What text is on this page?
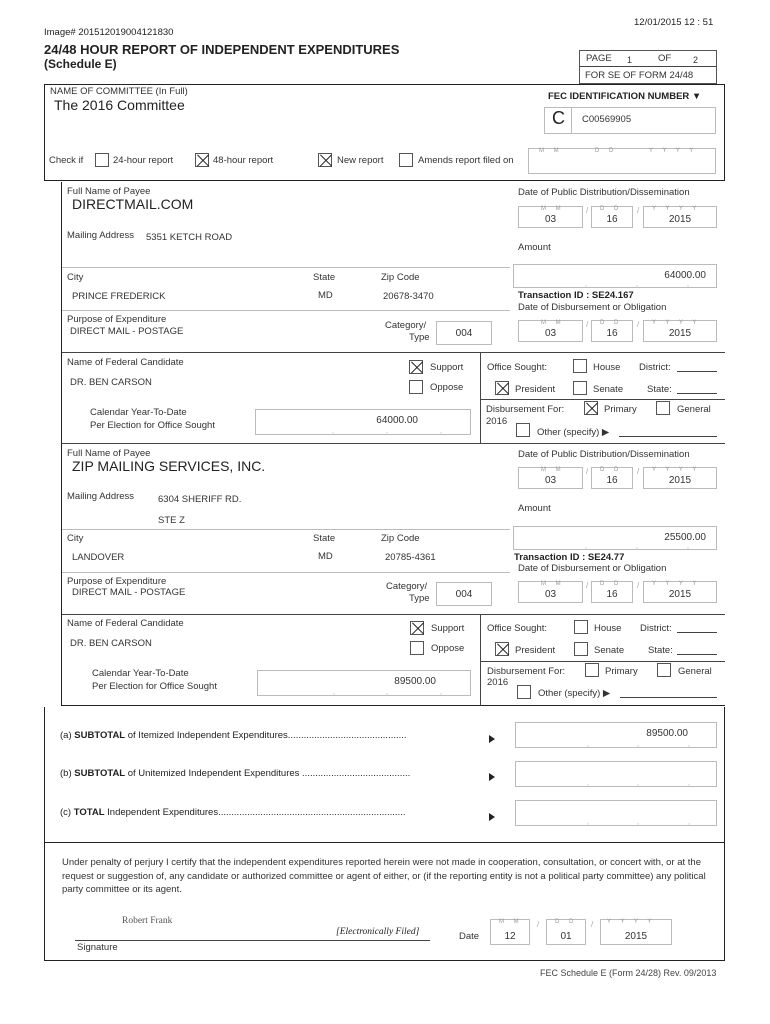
12/01/2015 12 : 51
Image# 201512019004121830
24/48 HOUR REPORT OF INDEPENDENT EXPENDITURES
(Schedule E)	PAGE 1	OF 2
FOR SE OF FORM 24/48
NAME OF COMMITTEE (In Full)
The 2016 Committee
FEC IDENTIFICATION NUMBER ▼
C C00569905
Check if	24-hour report	48-hour report	New report	Amends report filed on
M M	D D	Y Y Y Y
Full Name of Payee
DIRECTMAIL.COM
Mailing Address 5351 KETCH ROAD
City	State	Zip Code
PRINCE FREDERICK	MD	20678-3470
Purpose of Expenditure
DIRECT MAIL - POSTAGE
Category/
Type	004
Date of Public Distribution/Dissemination
M M
03
/ D D
16
/ Y Y Y Y
2015
Amount
64000.00
,	,	,
Transaction ID : SE24.167
Date of Disbursement or Obligation
M M
03
/ D D
16
/ Y Y Y Y
2015
Name of Federal Candidate
DR. BEN CARSON
Support
Oppose
Office Sought:	House District:
President	Senate	State:
Calendar Year-To-Date
Per Election for Office Sought	64000.00
,	,	,
Disbursement For:
2016
Primary	General
Other (specify) ▶
Full Name of Payee
ZIP MAILING SERVICES, INC.
Mailing Address	6304 SHERIFF RD.
STE Z
City	State	Zip Code
LANDOVER	MD	20785-4361
Purpose of Expenditure
DIRECT MAIL - POSTAGE
Category/
Type	004
Date of Public Distribution/Dissemination
M M
03
/ D D
16
/ Y Y Y Y
2015
Amount
25500.00
,	,	,
Transaction ID : SE24.77
Date of Disbursement or Obligation
M M
03
/ D D
16
/ Y Y Y Y
2015
Name of Federal Candidate
DR. BEN CARSON
Support
Oppose
Office Sought:	House District:
President	Senate	State:
Calendar Year-To-Date
Per Election for Office Sought	89500.00
,	,	,
Disbursement For:
2016
Primary	General
Other (specify) ▶
(a) SUBTOTAL of Itemized Independent Expenditures.............................................	89500.00
,	,	,
(b) SUBTOTAL of Unitemized Independent Expenditures .........................................
,	,	,
(c) TOTAL Independent Expenditures.......................................................................
,	,	,
Under penalty of perjury I certify that the independent expenditures reported herein were not made in cooperation, consultation, or concert with, or at the request or suggestion of, any candidate or authorized committee or agent of either, or (if the reporting entity is not a political party committee) any political party committee or its agent.
Robert Frank
[Electronically Filed]
Signature
Date
M M
12
/	D D
01
/ Y Y Y Y
2015
FEC Schedule E (Form 24/28) Rev. 09/2013
